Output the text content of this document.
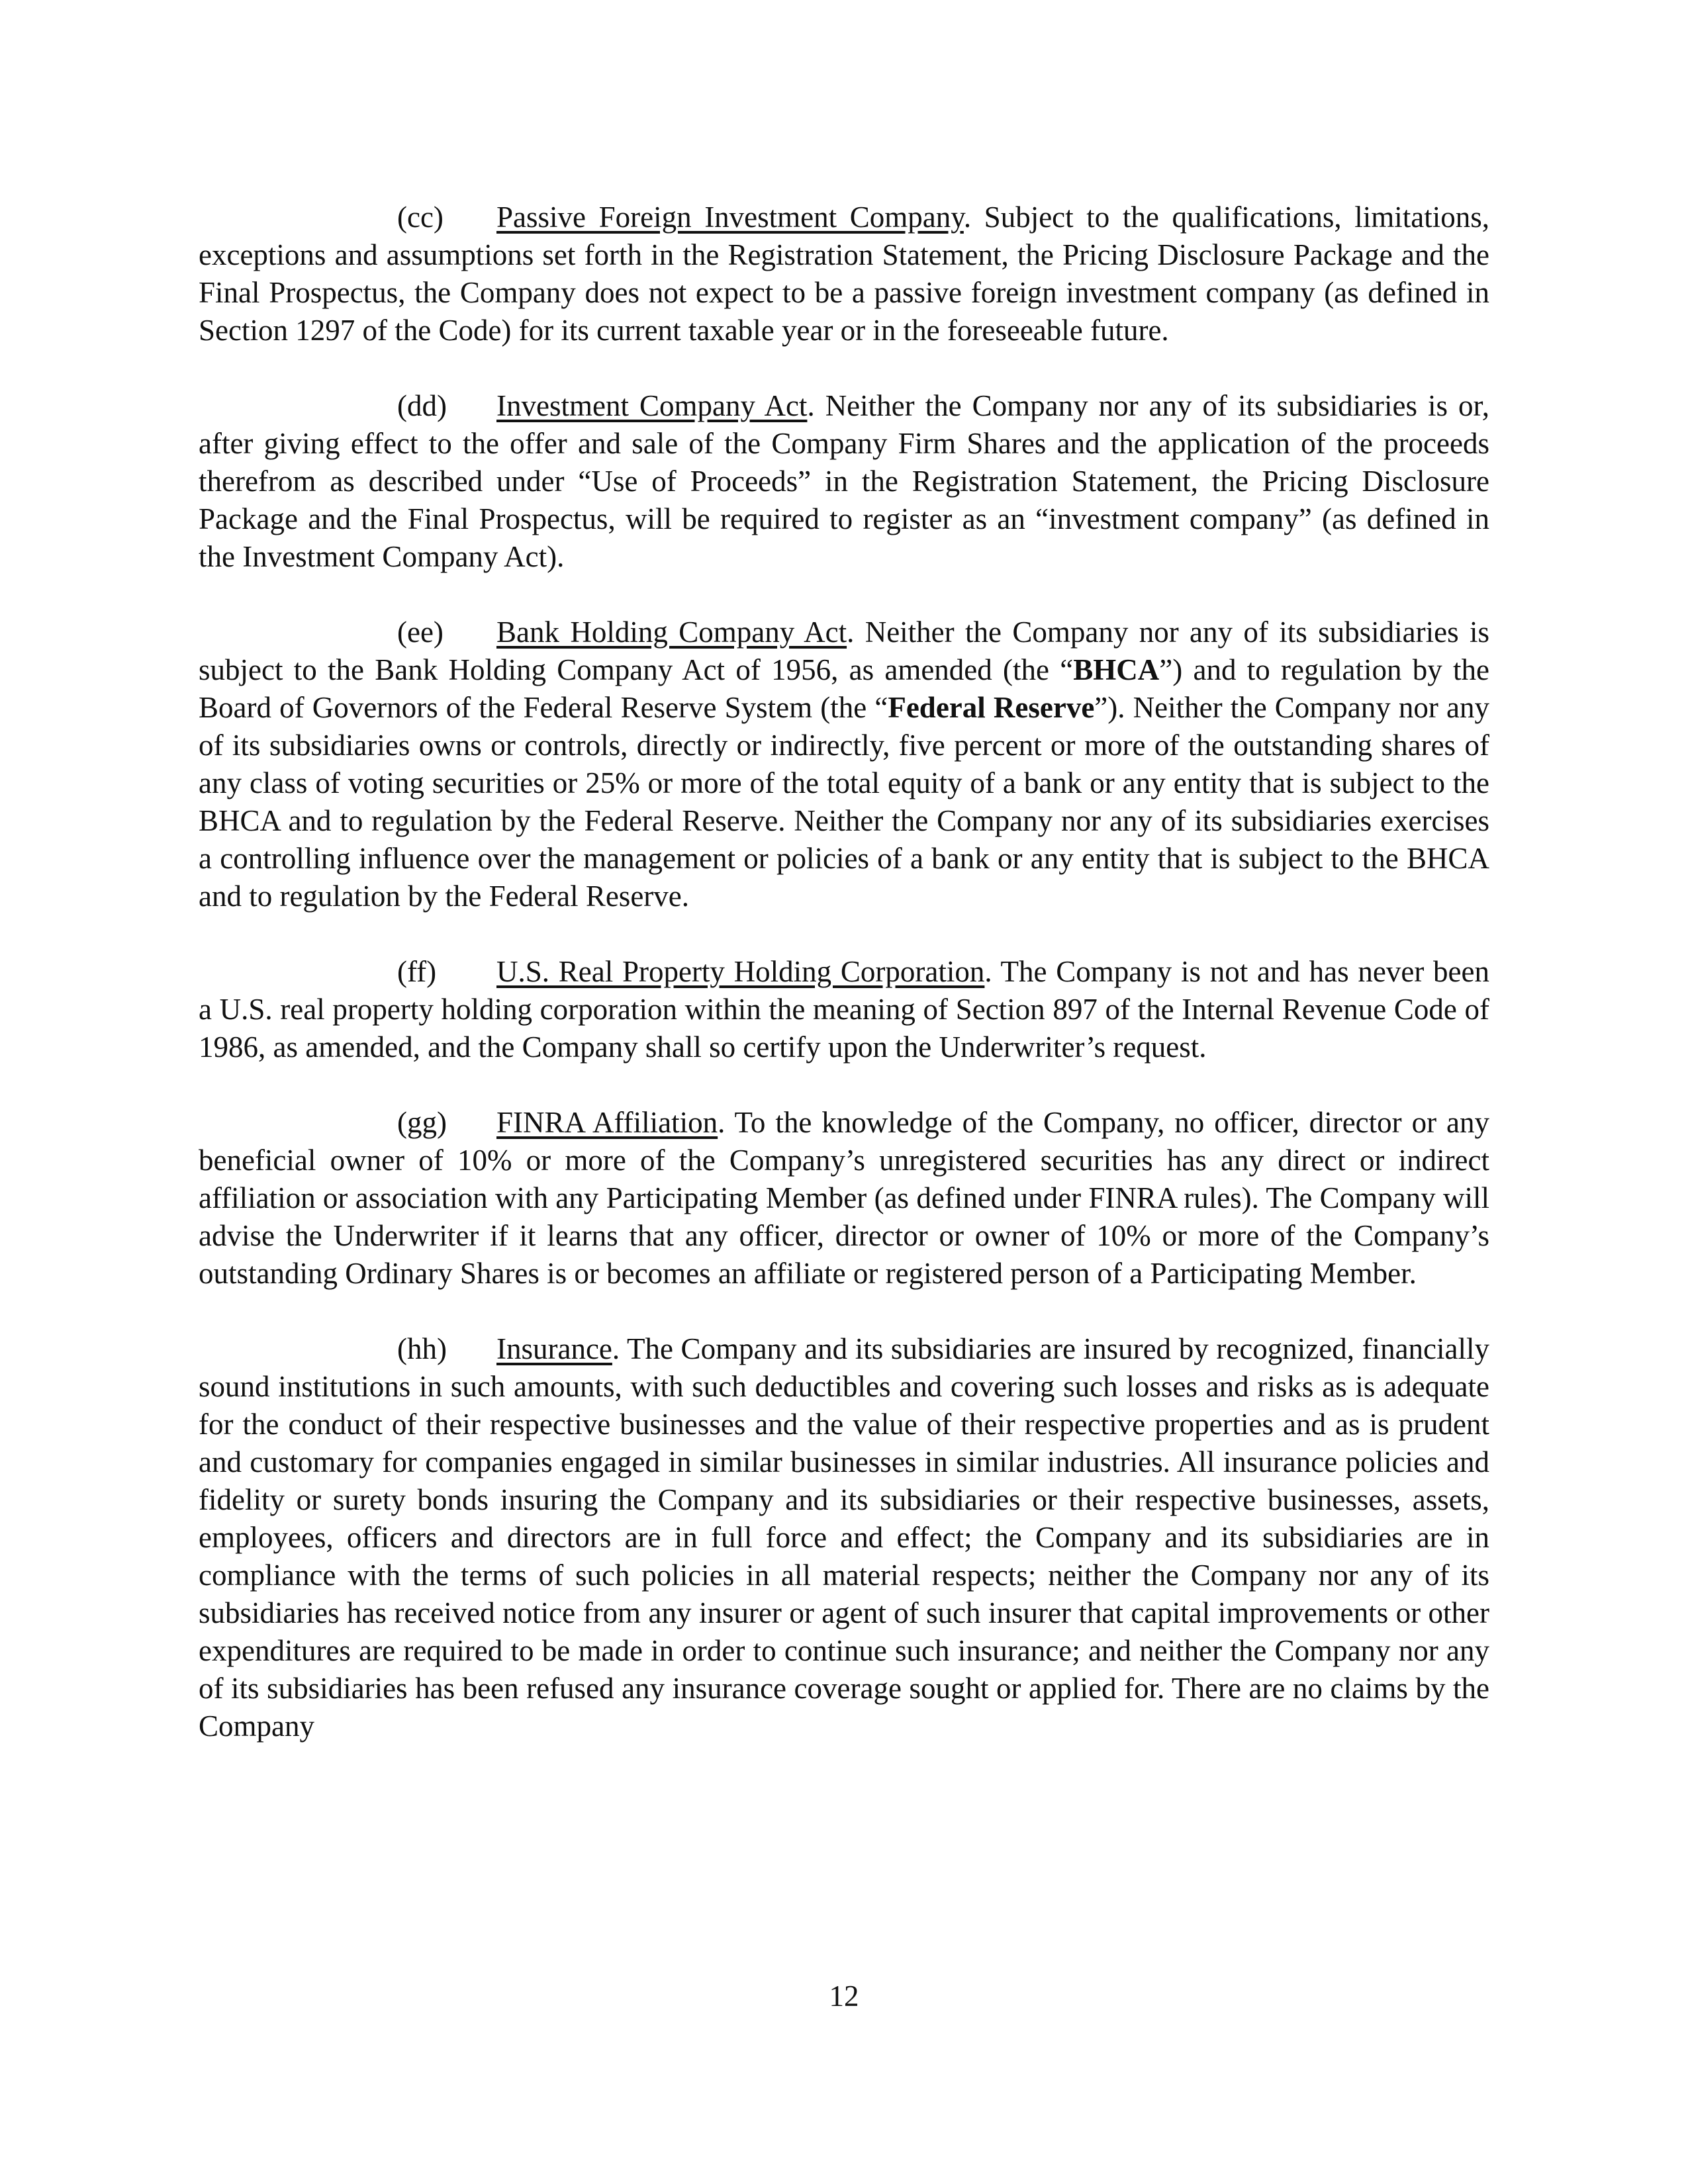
(cc) Passive Foreign Investment Company. Subject to the qualifications, limitations, exceptions and assumptions set forth in the Registration Statement, the Pricing Disclosure Package and the Final Prospectus, the Company does not expect to be a passive foreign investment company (as defined in Section 1297 of the Code) for its current taxable year or in the foreseeable future.

(dd) Investment Company Act. Neither the Company nor any of its subsidiaries is or, after giving effect to the offer and sale of the Company Firm Shares and the application of the proceeds therefrom as described under “Use of Proceeds” in the Registration Statement, the Pricing Disclosure Package and the Final Prospectus, will be required to register as an “investment company” (as defined in the Investment Company Act).

(ee) Bank Holding Company Act. Neither the Company nor any of its subsidiaries is subject to the Bank Holding Company Act of 1956, as amended (the “BHCA”) and to regulation by the Board of Governors of the Federal Reserve System (the “Federal Reserve”). Neither the Company nor any of its subsidiaries owns or controls, directly or indirectly, five percent or more of the outstanding shares of any class of voting securities or 25% or more of the total equity of a bank or any entity that is subject to the BHCA and to regulation by the Federal Reserve. Neither the Company nor any of its subsidiaries exercises a controlling influence over the management or policies of a bank or any entity that is subject to the BHCA and to regulation by the Federal Reserve.

(ff) U.S. Real Property Holding Corporation. The Company is not and has never been a U.S. real property holding corporation within the meaning of Section 897 of the Internal Revenue Code of 1986, as amended, and the Company shall so certify upon the Underwriter’s request.

(gg) FINRA Affiliation. To the knowledge of the Company, no officer, director or any beneficial owner of 10% or more of the Company’s unregistered securities has any direct or indirect affiliation or association with any Participating Member (as defined under FINRA rules). The Company will advise the Underwriter if it learns that any officer, director or owner of 10% or more of the Company’s outstanding Ordinary Shares is or becomes an affiliate or registered person of a Participating Member.

(hh) Insurance. The Company and its subsidiaries are insured by recognized, financially sound institutions in such amounts, with such deductibles and covering such losses and risks as is adequate for the conduct of their respective businesses and the value of their respective properties and as is prudent and customary for companies engaged in similar businesses in similar industries. All insurance policies and fidelity or surety bonds insuring the Company and its subsidiaries or their respective businesses, assets, employees, officers and directors are in full force and effect; the Company and its subsidiaries are in compliance with the terms of such policies in all material respects; neither the Company nor any of its subsidiaries has received notice from any insurer or agent of such insurer that capital improvements or other expenditures are required to be made in order to continue such insurance; and neither the Company nor any of its subsidiaries has been refused any insurance coverage sought or applied for. There are no claims by the Company

12
